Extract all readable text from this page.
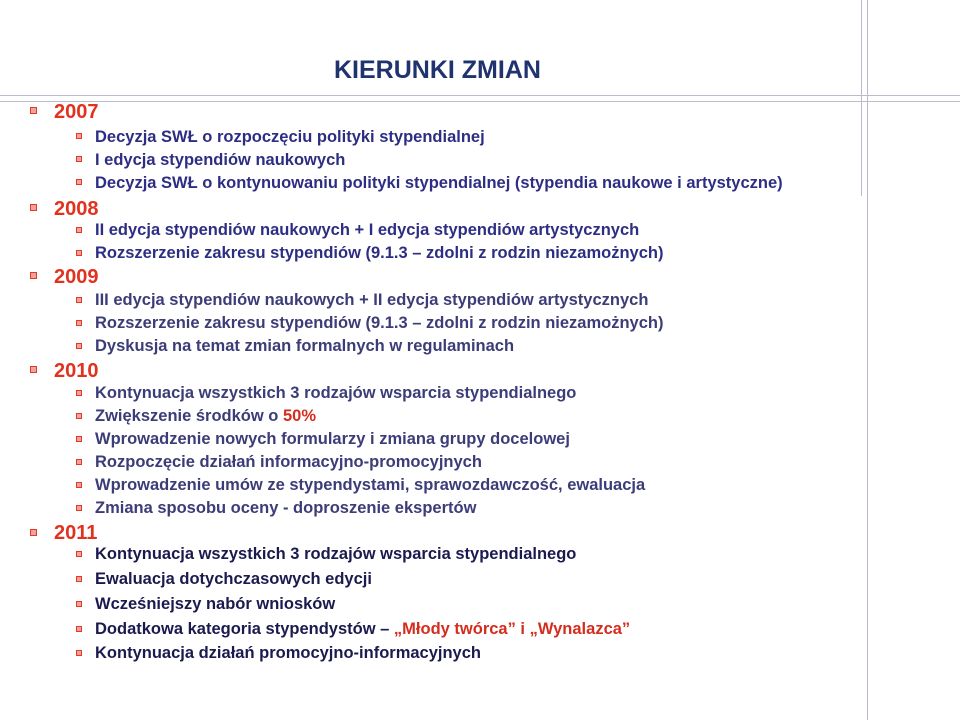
KIERUNKI ZMIAN
2007
Decyzja SWŁ o rozpoczęciu polityki stypendialnej
I edycja stypendiów naukowych
Decyzja SWŁ o kontynuowaniu polityki stypendialnej (stypendia naukowe i artystyczne)
2008
II edycja stypendiów naukowych + I edycja stypendiów artystycznych
Rozszerzenie zakresu stypendiów (9.1.3 – zdolni z rodzin niezamożnych)
2009
III edycja stypendiów naukowych + II edycja stypendiów artystycznych
Rozszerzenie zakresu stypendiów (9.1.3 – zdolni z rodzin niezamożnych)
Dyskusja na temat zmian formalnych w regulaminach
2010
Kontynuacja wszystkich 3 rodzajów wsparcia stypendialnego
Zwiększenie środków o 50%
Wprowadzenie nowych formularzy i zmiana grupy docelowej
Rozpoczęcie działań informacyjno-promocyjnych
Wprowadzenie umów ze stypendystami, sprawozdawczość, ewaluacja
Zmiana sposobu oceny - doproszenie ekspertów
2011
Kontynuacja wszystkich 3 rodzajów wsparcia stypendialnego
Ewaluacja dotychczasowych edycji
Wcześniejszy nabór wniosków
Dodatkowa kategoria stypendystów – „Młody twórca” i „Wynalazca”
Kontynuacja działań promocyjno-informacyjnych
